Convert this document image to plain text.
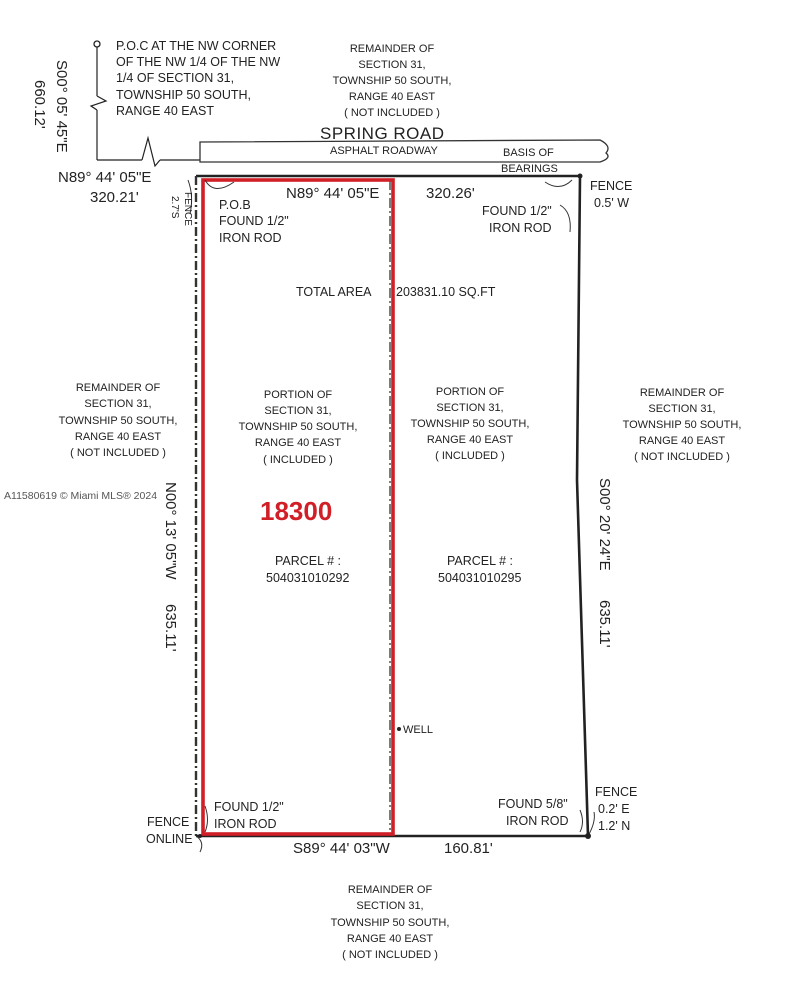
P.O.C AT THE NW CORNER
OF THE NW 1/4 OF THE NW
1/4 OF SECTION 31,
TOWNSHIP 50 SOUTH,
RANGE 40 EAST
S00° 05' 45"E
660.12'
N89° 44' 05"E
320.21'
REMAINDER OF
SECTION 31,
TOWNSHIP 50 SOUTH,
RANGE 40 EAST
( NOT INCLUDED )
SPRING ROAD
ASPHALT ROADWAY	BASIS OF
BEARINGS
FENCE
2.7'S
N89° 44' 05"E	320.26'
P.O.B
FOUND 1/2"
IRON ROD
FOUND 1/2"
IRON ROD
FENCE
0.5' W
TOTAL AREA 203831.10 SQ.FT
REMAINDER OF
SECTION 31,
TOWNSHIP 50 SOUTH,
RANGE 40 EAST
( NOT INCLUDED )
PORTION OF
SECTION 31,
TOWNSHIP 50 SOUTH,
RANGE 40 EAST
( INCLUDED )
PORTION OF
SECTION 31,
TOWNSHIP 50 SOUTH,
RANGE 40 EAST
( INCLUDED )
REMAINDER OF
SECTION 31,
TOWNSHIP 50 SOUTH,
RANGE 40 EAST
( NOT INCLUDED )
A11580619 © Miami MLS® 2024	18300
N00° 13' 05"W
635.11'
S00° 20' 24"E
635.11'
PARCEL # :
504031010292
PARCEL # :
504031010295
WELL
FOUND 1/2"
IRON ROD
FENCE
ONLINE
FOUND 5/8"
IRON ROD
FENCE
0.2' E
1.2' N
S89° 44' 03"W	160.81'
REMAINDER OF
SECTION 31,
TOWNSHIP 50 SOUTH,
RANGE 40 EAST
( NOT INCLUDED )
